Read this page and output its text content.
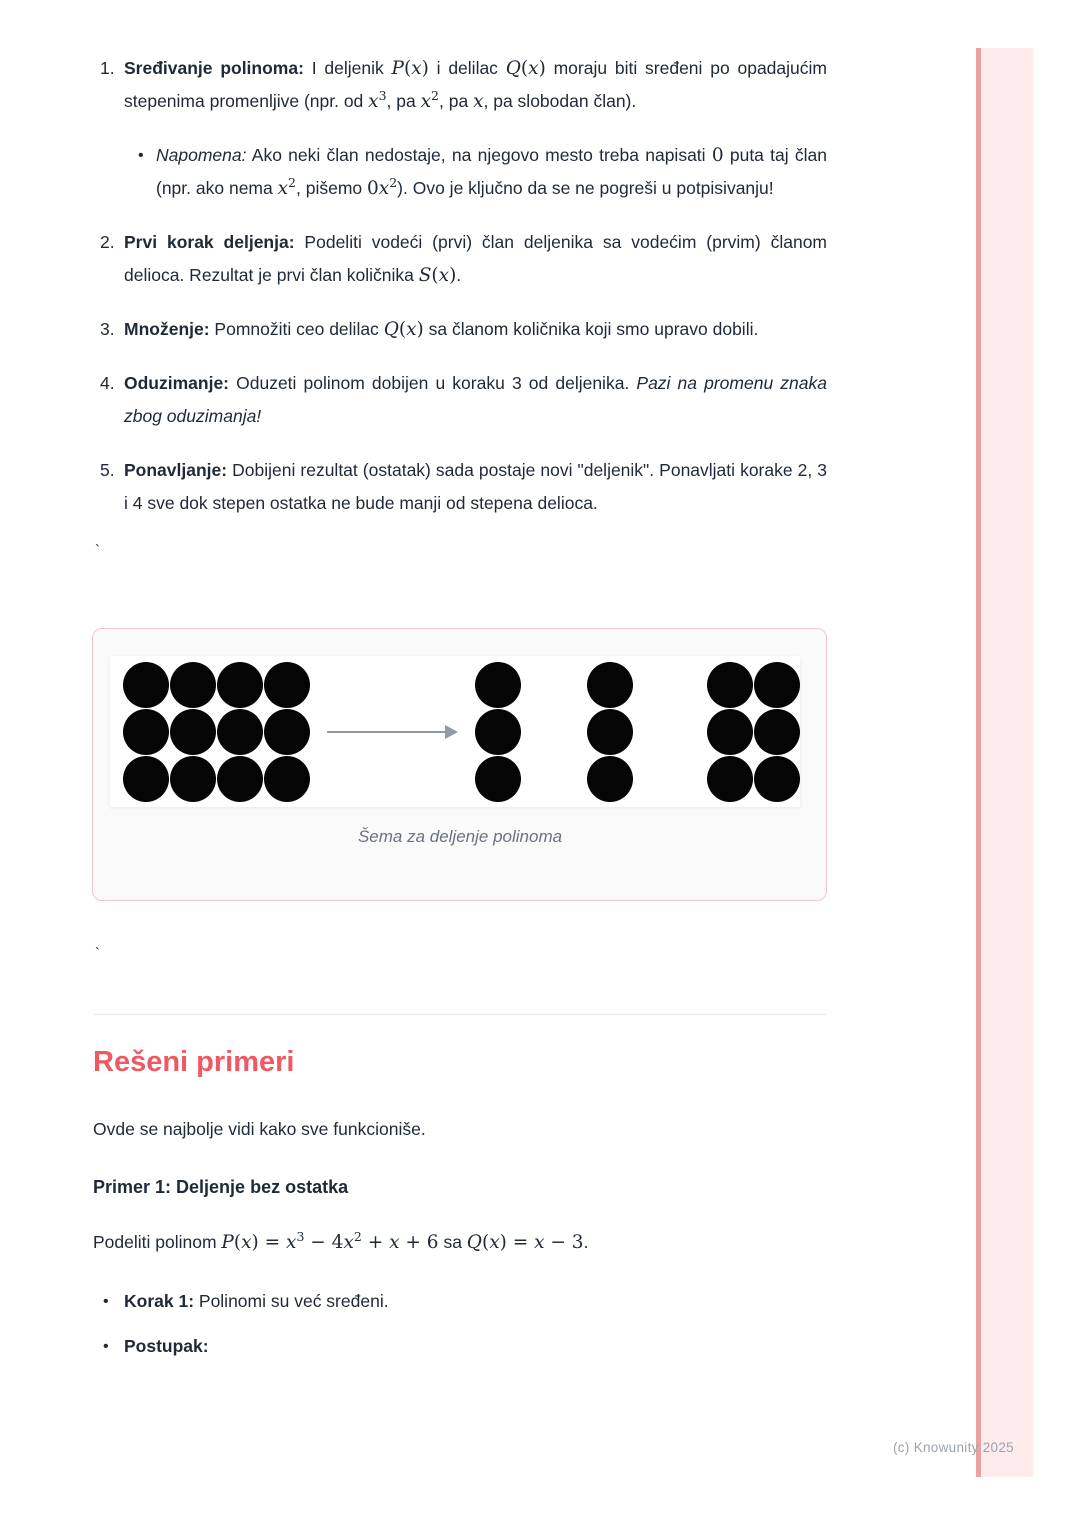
1. Sređivanje polinoma: I deljenik P(x) i delilac Q(x) moraju biti sređeni po opadajućim stepenima promenljive (npr. od $x^3$, pa $x^2$, pa x, pa slobodan član).
• Napomena: Ako neki član nedostaje, na njegovo mesto treba napisati 0 puta taj član (npr. ako nema $x^2$, pišemo $0x^2$). Ovo je ključno da se ne pogreši u potpisivanju!
2. Prvi korak deljenja: Podeliti vodeći (prvi) član deljenika sa vodećim (prvim) članom delioca. Rezultat je prvi član količnika S(x).
3. Množenje: Pomnožiti ceo delilac Q(x) sa članom količnika koji smo upravo dobili.
4. Oduzimanje: Oduzeti polinom dobijen u koraku 3 od deljenika. Pazi na promenu znaka zbog oduzimanja!
5. Ponavljanje: Dobijeni rezultat (ostatak) sada postaje novi "deljenik". Ponavljati korake 2, 3 i 4 sve dok stepen ostatka ne bude manji od stepena delioca.
`
Šema za deljenje polinoma
`
Rešeni primeri

Ovde se najbolje vidi kako sve funkcioniše.

Primer 1: Deljenje bez ostatka

Podeliti polinom $P(x) = x^3 - 4x^2 + x + 6$ sa Q(x) = x − 3.

• Korak 1: Polinomi su već sređeni.
• Postupak:
(c) Knowunity 2025
